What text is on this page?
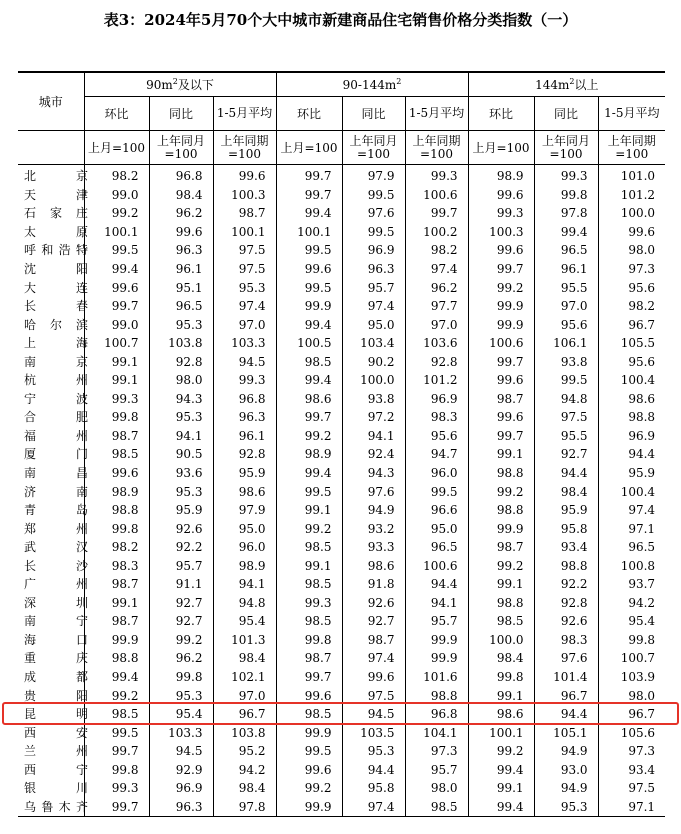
表3：2024年5月70个大中城市新建商品住宅销售价格分类指数（一）
城市	$90m^2$及以下			$90-144m^2$			$144m^2$以上		
	环比	同比	1-5月平均	环比	同比	1-5月平均	环比	同比	1-5月平均
	上月=100	上年同月=100	上年同期=100	上月=100	上年同月=100	上年同期=100	上月=100	上年同月=100	上年同期=100

北 京	98.2	96.8	99.6	99.7	97.9	99.3	98.9	99.3	101.0

天 津	99.0	98.4	100.3	99.7	99.5	100.6	99.6	99.8	101.2

石 家 庄	99.2	96.2	98.7	99.4	97.6	99.7	99.3	97.8	100.0

太 原	100.1	99.6	100.1	100.1	99.5	100.2	100.3	99.4	99.6

呼 和 浩 特	99.5	96.3	97.5	99.5	96.9	98.2	99.6	96.5	98.0

沈 阳	99.4	96.1	97.5	99.6	96.3	97.4	99.7	96.1	97.3

大 连	99.6	95.1	95.3	99.5	95.7	96.2	99.2	95.5	95.6

长 春	99.7	96.5	97.4	99.9	97.4	97.7	99.9	97.0	98.2

哈 尔 滨	99.0	95.3	97.0	99.4	95.0	97.0	99.9	95.6	96.7

上 海	100.7	103.8	103.3	100.5	103.4	103.6	100.6	106.1	105.5

南 京	99.1	92.8	94.5	98.5	90.2	92.8	99.7	93.8	95.6

杭 州	99.1	98.0	99.3	99.4	100.0	101.2	99.6	99.5	100.4

宁 波	99.3	94.3	96.8	98.6	93.8	96.9	98.7	94.8	98.6

合 肥	99.8	95.3	96.3	99.7	97.2	98.3	99.6	97.5	98.8

福 州	98.7	94.1	96.1	99.2	94.1	95.6	99.7	95.5	96.9

厦 门	98.5	90.5	92.8	98.9	92.4	94.7	99.1	92.7	94.4

南 昌	99.6	93.6	95.9	99.4	94.3	96.0	98.8	94.4	95.9

济 南	98.9	95.3	98.6	99.5	97.6	99.5	99.2	98.4	100.4

青 岛	98.8	95.9	97.9	99.1	94.9	96.6	98.8	95.9	97.4

郑 州	99.8	92.6	95.0	99.2	93.2	95.0	99.9	95.8	97.1

武 汉	98.2	92.2	96.0	98.5	93.3	96.5	98.7	93.4	96.5

长 沙	98.3	95.7	98.9	99.1	98.6	100.6	99.2	98.8	100.8

广 州	98.7	91.1	94.1	98.5	91.8	94.4	99.1	92.2	93.7

深 圳	99.1	92.7	94.8	99.3	92.6	94.1	98.8	92.8	94.2

南 宁	98.7	92.7	95.4	98.5	92.7	95.7	98.5	92.6	95.4

海 口	99.9	99.2	101.3	99.8	98.7	99.9	100.0	98.3	99.8

重 庆	98.8	96.2	98.4	98.7	97.4	99.9	98.4	97.6	100.7

成 都	99.4	99.8	102.1	99.7	99.6	101.6	99.8	101.4	103.9

贵 阳	99.2	95.3	97.0	99.6	97.5	98.8	99.1	96.7	98.0

昆 明	98.5	95.4	96.7	98.5	94.5	96.8	98.6	94.4	96.7

西 安	99.5	103.3	103.8	99.9	103.5	104.1	100.1	105.1	105.6

兰 州	99.7	94.5	95.2	99.5	95.3	97.3	99.2	94.9	97.3

西 宁	99.8	92.9	94.2	99.6	94.4	95.7	99.4	93.0	93.4

银 川	99.3	96.9	98.4	99.2	95.8	98.0	99.1	94.9	97.5

乌 鲁 木 齐	99.7	96.3	97.8	99.9	97.4	98.5	99.4	95.3	97.1
